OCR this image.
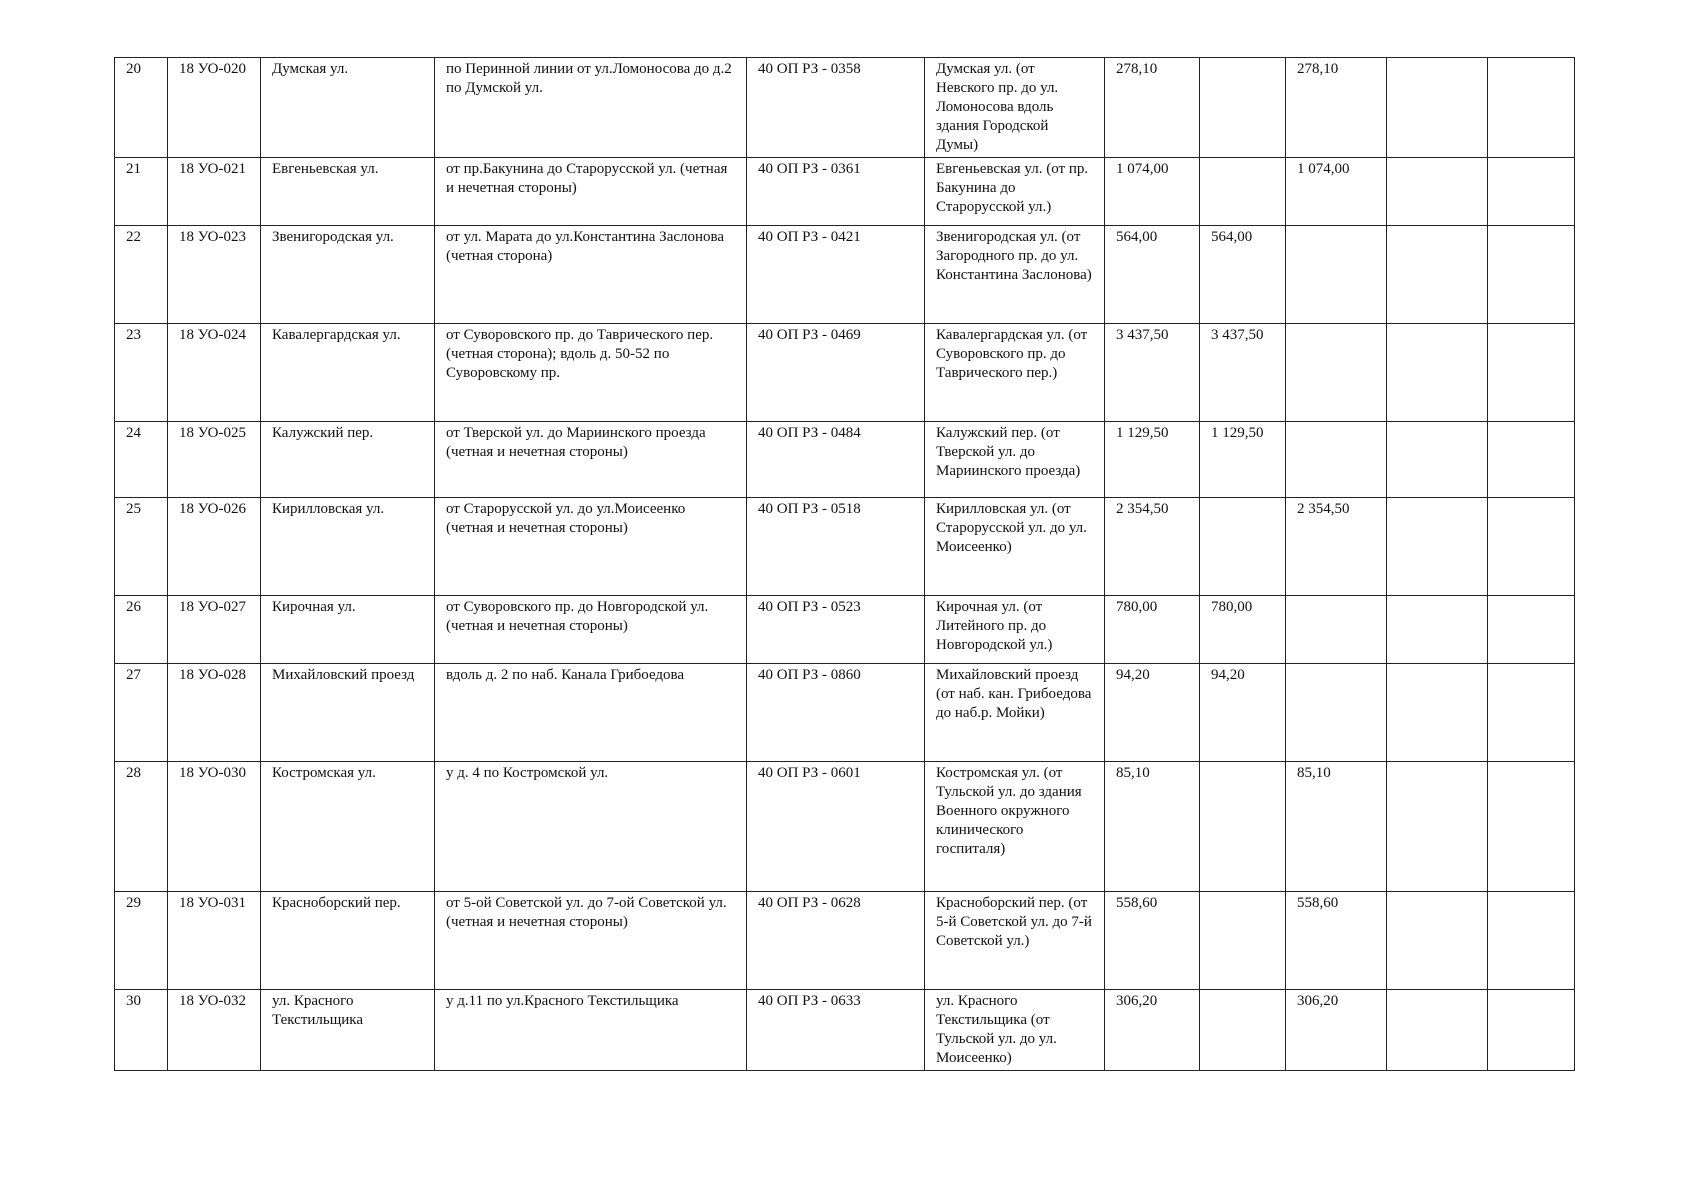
20	18 УО-020	Думская ул.	по Перинной линии от ул.Ломоносова до д.2 по Думской ул.	40 ОП РЗ - 0358	Думская ул. (от Невского пр. до ул. Ломоносова вдоль здания Городской Думы)	278,10		278,10		
21	18 УО-021	Евгеньевская ул.	от пр.Бакунина до Старорусской ул. (четная и нечетная стороны)	40 ОП РЗ - 0361	Евгеньевская ул. (от пр. Бакунина до Старорусской ул.)	1 074,00		1 074,00		
22	18 УО-023	Звенигородская ул.	от ул. Марата до ул.Константина Заслонова (четная сторона)	40 ОП РЗ - 0421	Звенигородская ул. (от Загородного пр. до ул. Константина Заслонова)	564,00	564,00			
23	18 УО-024	Кавалергардская ул.	от Суворовского пр. до Таврического пер. (четная сторона); вдоль д. 50-52 по Суворовскому пр.	40 ОП РЗ - 0469	Кавалергардская ул. (от Суворовского пр. до Таврического пер.)	3 437,50	3 437,50			
24	18 УО-025	Калужский пер.	от Тверской ул. до Мариинского проезда (четная и нечетная стороны)	40 ОП РЗ - 0484	Калужский пер. (от Тверской ул. до Мариинского проезда)	1 129,50	1 129,50			
25	18 УО-026	Кирилловская ул.	от Старорусской ул. до ул.Моисеенко (четная и нечетная стороны)	40 ОП РЗ - 0518	Кирилловская ул. (от Старорусской ул. до ул. Моисеенко)	2 354,50		2 354,50		
26	18 УО-027	Кирочная ул.	от Суворовского пр. до Новгородской ул. (четная и нечетная стороны)	40 ОП РЗ - 0523	Кирочная ул. (от Литейного пр. до Новгородской ул.)	780,00	780,00			
27	18 УО-028	Михайловский проезд	вдоль д. 2 по наб. Канала Грибоедова	40 ОП РЗ - 0860	Михайловский проезд (от наб. кан. Грибоедова до наб.р. Мойки)	94,20	94,20			
28	18 УО-030	Костромская ул.	у д. 4 по Костромской ул.	40 ОП РЗ - 0601	Костромская ул. (от Тульской ул. до здания Военного окружного клинического госпиталя)	85,10		85,10		
29	18 УО-031	Красноборский пер.	от 5-ой Советской ул. до 7-ой Советской ул. (четная и нечетная стороны)	40 ОП РЗ - 0628	Красноборский пер. (от 5-й Советской ул. до 7-й Советской ул.)	558,60		558,60		
30	18 УО-032	ул. Красного Текстильщика	у д.11 по ул.Красного Текстильщика	40 ОП РЗ - 0633	ул. Красного Текстильщика (от Тульской ул. до ул. Моисеенко)	306,20		306,20		
